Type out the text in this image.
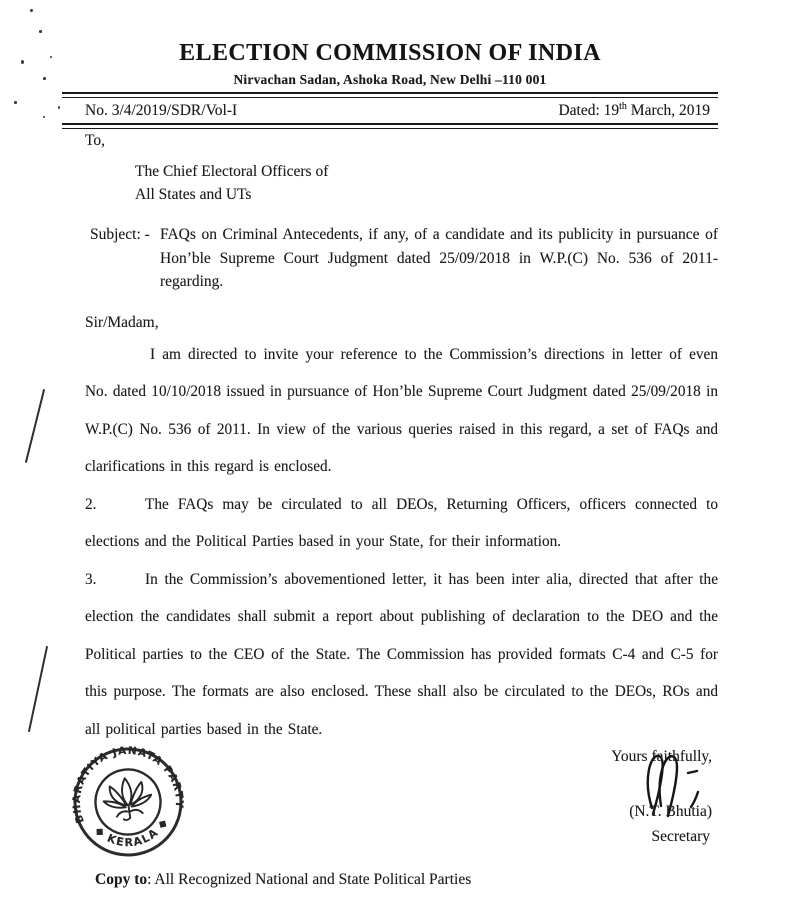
ELECTION COMMISSION OF INDIA
Nirvachan Sadan, Ashoka Road, New Delhi –110 001
No. 3/4/2019/SDR/Vol-I	Dated: 19th March, 2019
To,
The Chief Electoral Officers of
All States and UTs
Subject: - FAQs on Criminal Antecedents, if any, of a candidate and its publicity in pursuance of Hon’ble Supreme Court Judgment dated 25/09/2018 in W.P.(C) No. 536 of 2011- regarding.
Sir/Madam,

I am directed to invite your reference to the Commission’s directions in letter of even No. dated 10/10/2018 issued in pursuance of Hon’ble Supreme Court Judgment dated 25/09/2018 in W.P.(C) No. 536 of 2011. In view of the various queries raised in this regard, a set of FAQs and clarifications in this regard is enclosed.

2.	The FAQs may be circulated to all DEOs, Returning Officers, officers connected to elections and the Political Parties based in your State, for their information.

3.	In the Commission’s abovementioned letter, it has been inter alia, directed that after the election the candidates shall submit a report about publishing of declaration to the DEO and the Political parties to the CEO of the State. The Commission has provided formats C-4 and C-5 for this purpose. The formats are also enclosed. These shall also be circulated to the DEOs, ROs and all political parties based in the State.

BHARATIYA JANATA PARTY
◆ KERALA ◆
Yours faithfully,
(N.T. Bhutia)
Secretary
Copy to: All Recognized National and State Political Parties
